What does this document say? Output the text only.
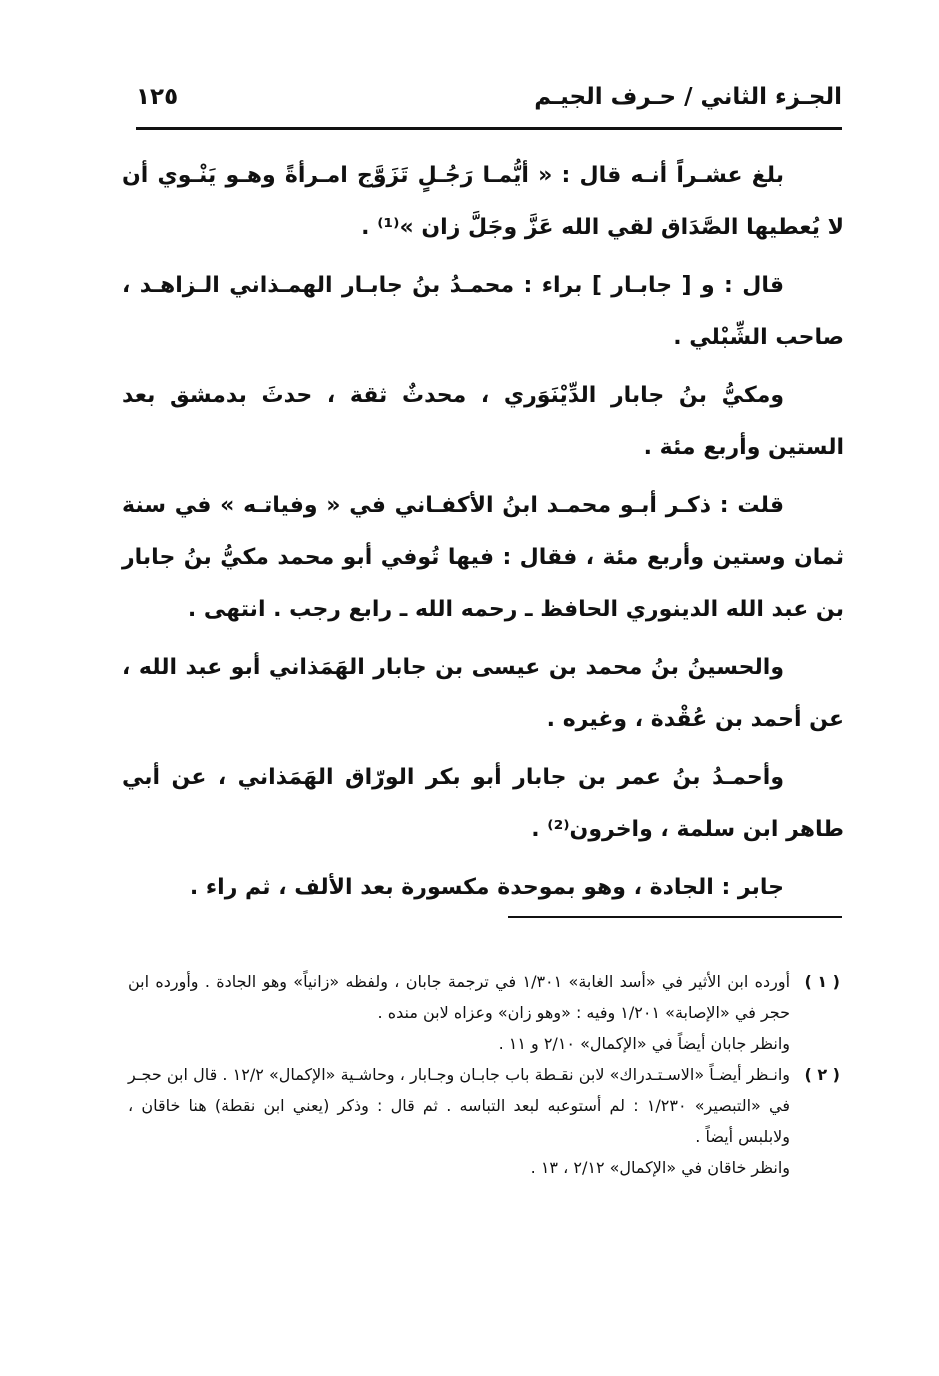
الجـزء الثاني / حـرف الجيـم
١٢٥

بلغ عشـراً أنـه قال : « أيُّمـا رَجُـلٍ تَزَوَّج امـرأةً وهـو يَنْـوي أن لا يُعطيها الصَّدَاق لقي الله عَزَّ وجَلَّ زان »⁽¹⁾ .

قال : و [ جابـار ] براء : محمـدُ بنُ جابـار الهمـذاني الـزاهـد ، صاحب الشِّبْلي .

ومكيُّ بنُ جابار الدِّيْنَوَري ، محدثٌ ثقة ، حدثَ بدمشق بعد الستين وأربع مئة .

قلت : ذكـر أبـو محمـد ابنُ الأكفـاني في « وفياتـه » في سنة ثمان وستين وأربع مئة ، فقال : فيها تُوفي أبو محمد مكيُّ بنُ جابار بن عبد الله الدينوري الحافظ ـ رحمه الله ـ رابع رجب . انتهى .

والحسينُ بنُ محمد بن عيسى بن جابار الهَمَذاني أبو عبد الله ، عن أحمد بن عُقْدة ، وغيره .

وأحمـدُ بنُ عمر بن جابار أبو بكر الورّاق الهَمَذاني ، عن أبي طاهر ابن سلمة ، واخرون⁽²⁾ .

جابر : الجادة ، وهو بموحدة مكسورة بعد الألف ، ثم راء .

( ١ )
أورده ابن الأثير في «أسد الغابة» ١/٣٠١ في ترجمة جابان ، ولفظه «زانياً» وهو الجادة . وأورده ابن حجر في «الإصابة» ١/٢٠١ وفيه : «وهو زان» وعزاه لابن منده .
وانظر جابان أيضاً في «الإكمال» ٢/١٠ و ١١ .
( ٢ )
وانـظر أيضـاً «الاسـتـدراك» لابن نقـطة باب جابـان وجـابار ، وحاشـية «الإكمال» ١٢/٢ . قال ابن حجـر في «التبصير» ١/٢٣٠ : لم أستوعبه لبعد التباسه . ثم قال : وذكر (يعني ابن نقطة) هنا خاقان ، ولابلبس أيضاً .
وانظر خاقان في «الإكمال» ٢/١٢ ، ١٣ .
